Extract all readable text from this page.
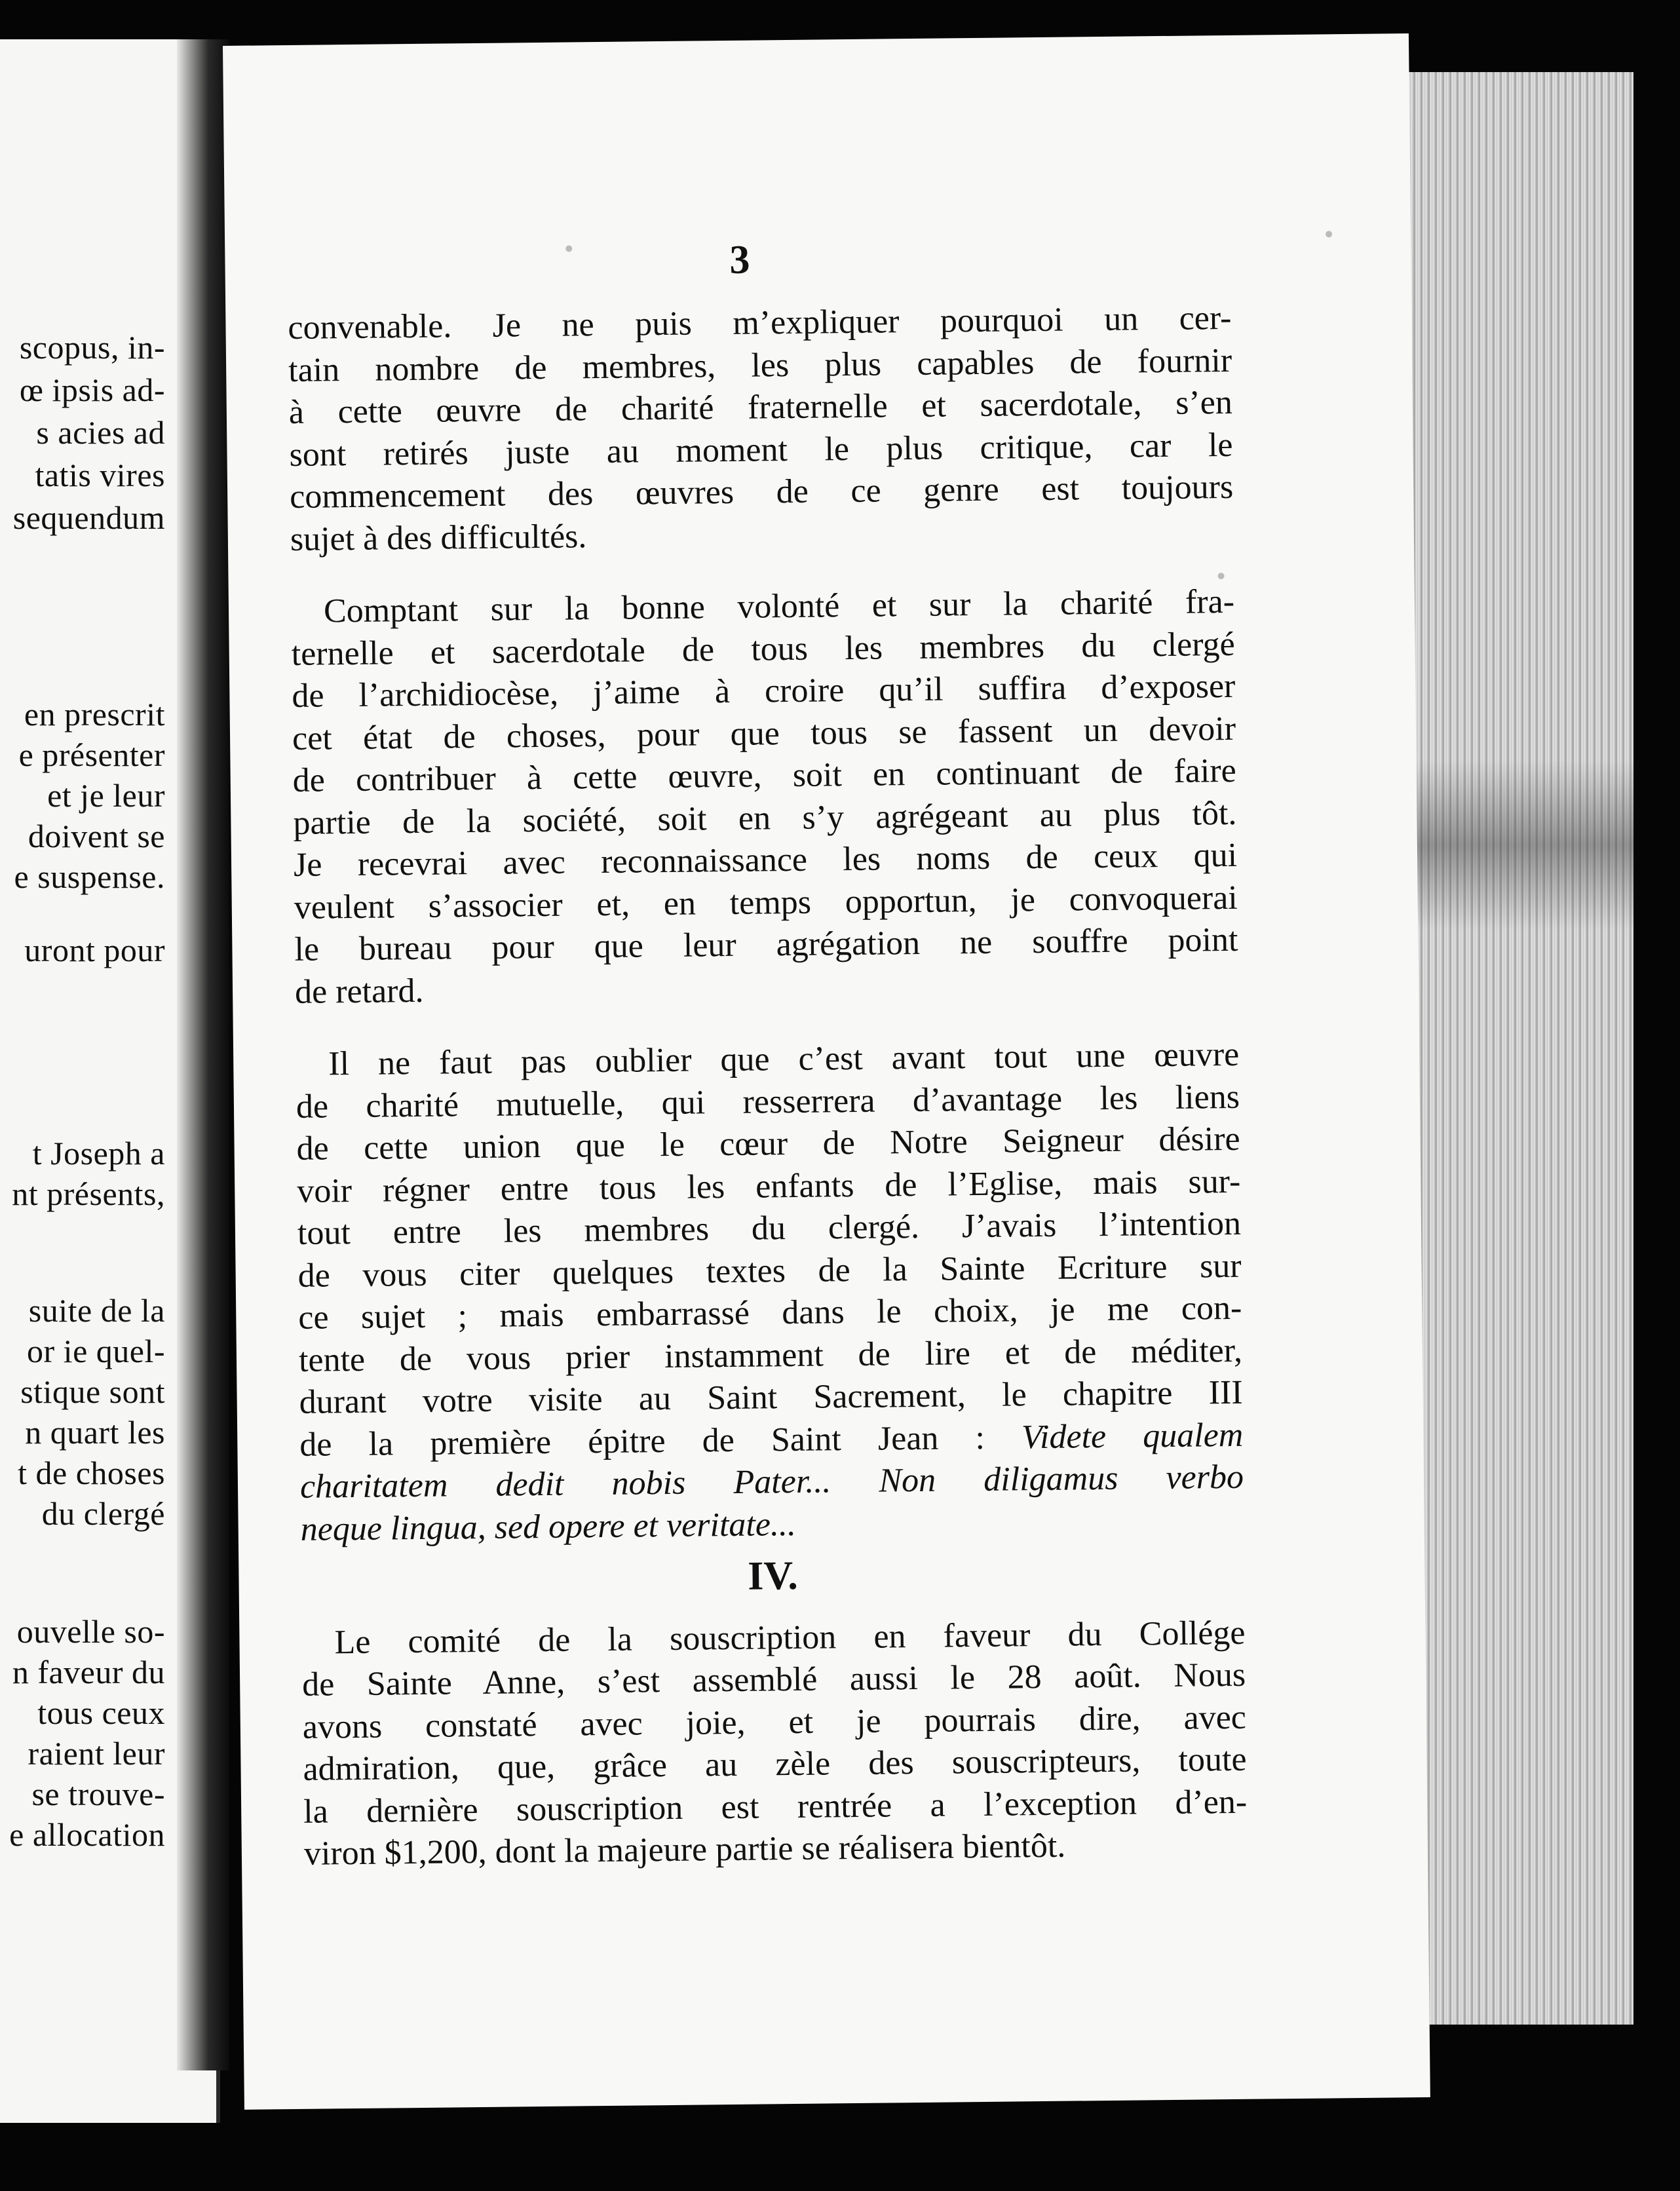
scopus, in-
œ ipsis ad-
s acies ad
tatis vires
sequendum
en prescrit
e présenter
et je leur
doivent se
e suspense.
uront pour
t Joseph a
nt présents,
suite de la
or ie quel-
stique sont
n quart les
t de choses
du clergé
ouvelle so-
n faveur du
tous ceux
raient leur
se trouve-
e allocation
3
convenable. Je ne puis m’expliquer pourquoi un cer-
tain nombre de membres, les plus capables de fournir
à cette œuvre de charité fraternelle et sacerdotale, s’en
sont retirés juste au moment le plus critique, car le
commencement des œuvres de ce genre est toujours
sujet à des difficultés.
Comptant sur la bonne volonté et sur la charité fra-
ternelle et sacerdotale de tous les membres du clergé
de l’archidiocèse, j’aime à croire qu’il suffira d’exposer
cet état de choses, pour que tous se fassent un devoir
de contribuer à cette œuvre, soit en continuant de faire
partie de la société, soit en s’y agrégeant au plus tôt.
Je recevrai avec reconnaissance les noms de ceux qui
veulent s’associer et, en temps opportun, je convoquerai
le bureau pour que leur agrégation ne souffre point
de retard.
Il ne faut pas oublier que c’est avant tout une œuvre
de charité mutuelle, qui resserrera d’avantage les liens
de cette union que le cœur de Notre Seigneur désire
voir régner entre tous les enfants de l’Eglise, mais sur-
tout entre les membres du clergé. J’avais l’intention
de vous citer quelques textes de la Sainte Ecriture sur
ce sujet ; mais embarrassé dans le choix, je me con-
tente de vous prier instamment de lire et de méditer,
durant votre visite au Saint Sacrement, le chapitre III
de la première épitre de Saint Jean : Videte qualem
charitatem dedit nobis Pater... Non diligamus verbo
neque lingua, sed opere et veritate...
IV.
Le comité de la souscription en faveur du Collége
de Sainte Anne, s’est assemblé aussi le 28 août. Nous
avons constaté avec joie, et je pourrais dire, avec
admiration, que, grâce au zèle des souscripteurs, toute
la dernière souscription est rentrée a l’exception d’en-
viron $1,200, dont la majeure partie se réalisera bientôt.
